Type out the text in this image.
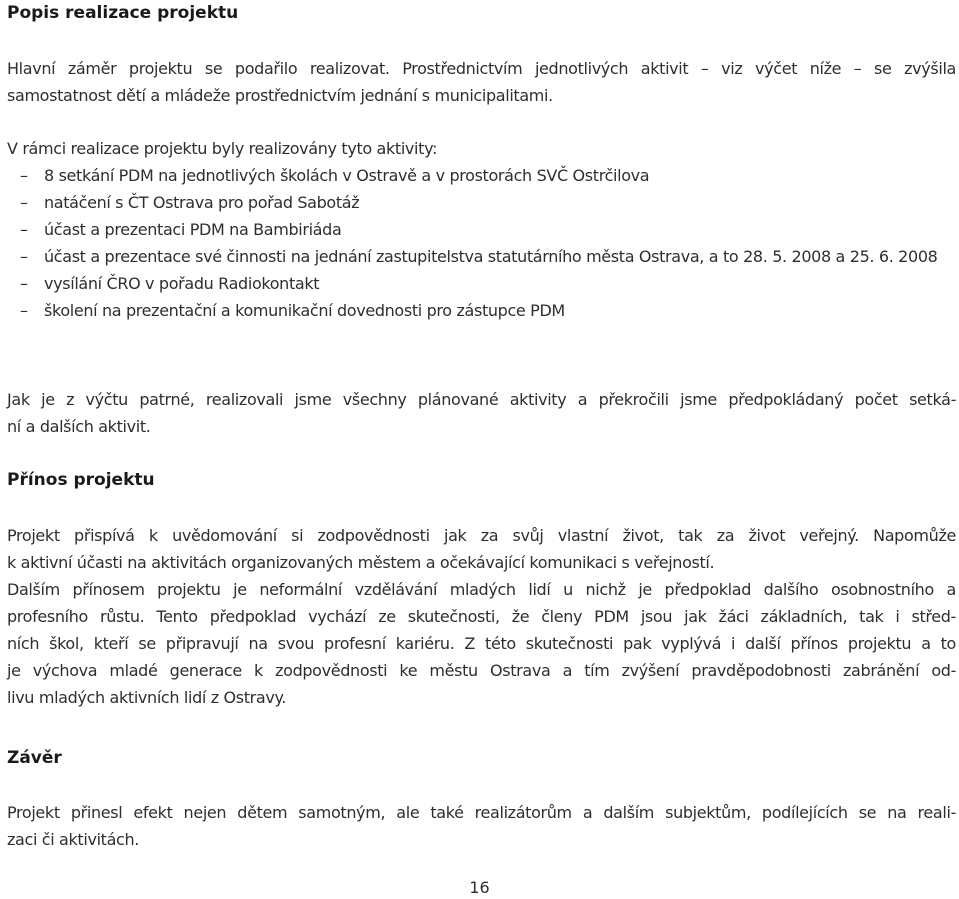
Popis realizace projektu

Hlavní záměr projektu se podařilo realizovat. Prostřednictvím jednotlivých aktivit – viz výčet níže – se zvýšila

samostatnost dětí a mládeže prostřednictvím jednání s municipalitami.

V rámci realizace projektu byly realizovány tyto aktivity:

– 8 setkání PDM na jednotlivých školách v Ostravě a v prostorách SVČ Ostrčilova
– natáčení s ČT Ostrava pro pořad Sabotáž
– účast a prezentaci PDM na Bambiriáda
– účast a prezentace své činnosti na jednání zastupitelstva statutárního města Ostrava, a to 28. 5. 2008 a 25. 6. 2008
– vysílání ČRO v pořadu Radiokontakt
– školení na prezentační a komunikační dovednosti pro zástupce PDM

Jak je z výčtu patrné, realizovali jsme všechny plánované aktivity a překročili jsme předpokládaný počet setká-

ní a dalších aktivit.

Přínos projektu

Projekt přispívá k uvědomování si zodpovědnosti jak za svůj vlastní život, tak za život veřejný. Napomůže

k aktivní účasti na aktivitách organizovaných městem a očekávající komunikaci s veřejností.

Dalším přínosem projektu je neformální vzdělávání mladých lidí u nichž je předpoklad dalšího osobnostního a

profesního růstu. Tento předpoklad vychází ze skutečnosti, že členy PDM jsou jak žáci základních, tak i střed-

ních škol, kteří se připravují na svou profesní kariéru. Z této skutečnosti pak vyplývá i další přínos projektu a to

je výchova mladé generace k zodpovědnosti ke městu Ostrava a tím zvýšení pravděpodobnosti zabránění od-

livu mladých aktivních lidí z Ostravy.

Závěr

Projekt přinesl efekt nejen dětem samotným, ale také realizátorům a dalším subjektům, podílejících se na reali-

zaci či aktivitách.

16
